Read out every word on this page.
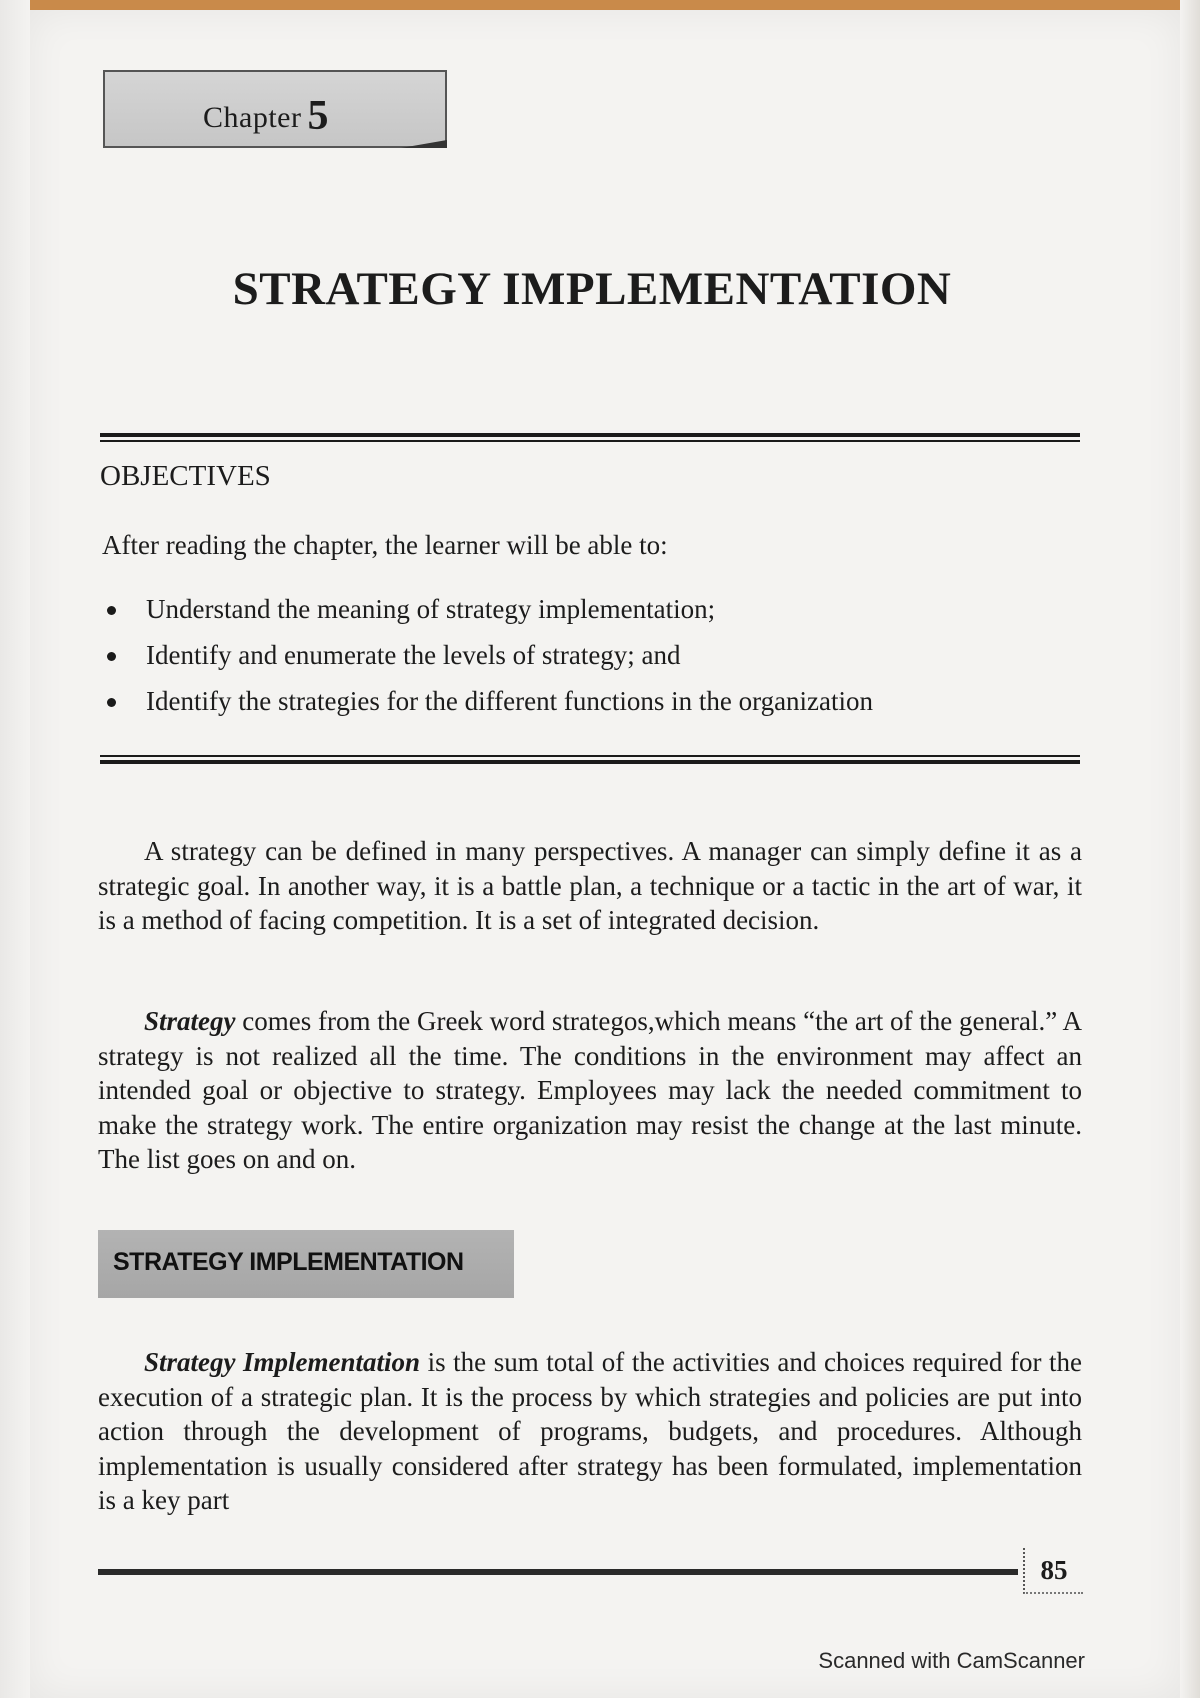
Chapter 5
STRATEGY IMPLEMENTATION
OBJECTIVES
After reading the chapter, the learner will be able to:
Understand the meaning of strategy implementation;
Identify and enumerate the levels of strategy; and
Identify the strategies for the different functions in the organization

A strategy can be defined in many perspectives. A manager can simply define it as a strategic goal. In another way, it is a battle plan, a technique or a tactic in the art of war, it is a method of facing competition. It is a set of integrated decision.

Strategy comes from the Greek word strategos,which means “the art of the general.” A strategy is not realized all the time. The conditions in the environment may affect an intended goal or objective to strategy. Employees may lack the needed commitment to make the strategy work. The entire organization may resist the change at the last minute. The list goes on and on.

STRATEGY IMPLEMENTATION

Strategy Implementation is the sum total of the activities and choices required for the execution of a strategic plan. It is the process by which strategies and policies are put into action through the development of programs, budgets, and procedures. Although implementation is usually considered after strategy has been formulated, implementation is a key part

85
Scanned with CamScanner
